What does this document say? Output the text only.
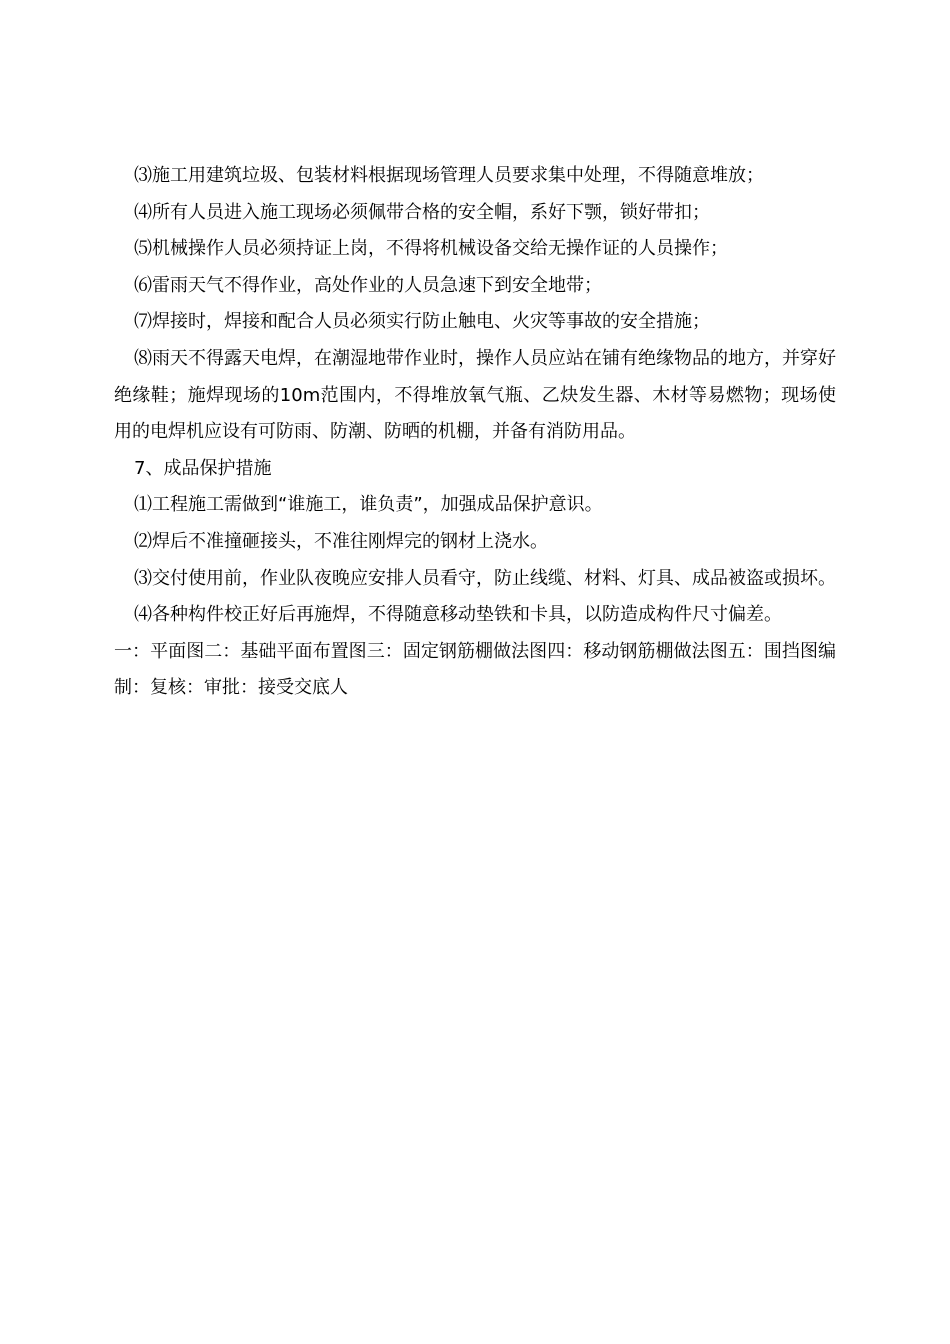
⑶施工用建筑垃圾、包装材料根据现场管理人员要求集中处理，不得随意堆放；

⑷所有人员进入施工现场必须佩带合格的安全帽，系好下颚，锁好带扣；

⑸机械操作人员必须持证上岗，不得将机械设备交给无操作证的人员操作；

⑹雷雨天气不得作业，高处作业的人员急速下到安全地带；

⑺焊接时，焊接和配合人员必须实行防止触电、火灾等事故的安全措施；

⑻雨天不得露天电焊，在潮湿地带作业时，操作人员应站在铺有绝缘物品的地方，并穿好绝缘鞋；施焊现场的10m范围内，不得堆放氧气瓶、乙炔发生器、木材等易燃物；现场使用的电焊机应设有可防雨、防潮、防晒的机棚，并备有消防用品。

7、成品保护措施

⑴工程施工需做到“谁施工，谁负责”，加强成品保护意识。

⑵焊后不准撞砸接头，不准往刚焊完的钢材上浇水。

⑶交付使用前，作业队夜晚应安排人员看守，防止线缆、材料、灯具、成品被盗或损坏。

⑷各种构件校正好后再施焊，不得随意移动垫铁和卡具，以防造成构件尺寸偏差。

一：平面图二：基础平面布置图三：固定钢筋棚做法图四：移动钢筋棚做法图五：围挡图编制：复核：审批：接受交底人
